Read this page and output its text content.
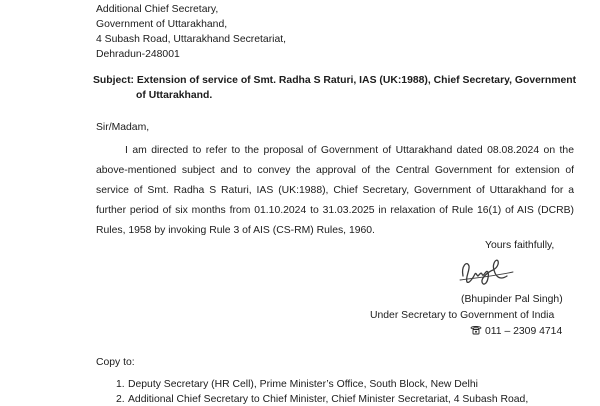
Additional Chief Secretary,
Government of Uttarakhand,
4 Subash Road, Uttarakhand Secretariat,
Dehradun-248001
Subject: Extension of service of Smt. Radha S Raturi, IAS (UK:1988), Chief Secretary, Government
of Uttarakhand.
Sir/Madam,
I am directed to refer to the proposal of Government of Uttarakhand dated 08.08.2024 on the
above-mentioned subject and to convey the approval of the Central Government for extension of
service of Smt. Radha S Raturi, IAS (UK:1988), Chief Secretary, Government of Uttarakhand for a
further period of six months from 01.10.2024 to 31.03.2025 in relaxation of Rule 16(1) of AIS (DCRB)
Rules, 1958 by invoking Rule 3 of AIS (CS-RM) Rules, 1960.
Yours faithfully,
(Bhupinder Pal Singh)
Under Secretary to Government of India
011 – 2309 4714
Copy to:
1. Deputy Secretary (HR Cell), Prime Minister’s Office, South Block, New Delhi
2. Additional Chief Secretary to Chief Minister, Chief Minister Secretariat, 4 Subash Road,
